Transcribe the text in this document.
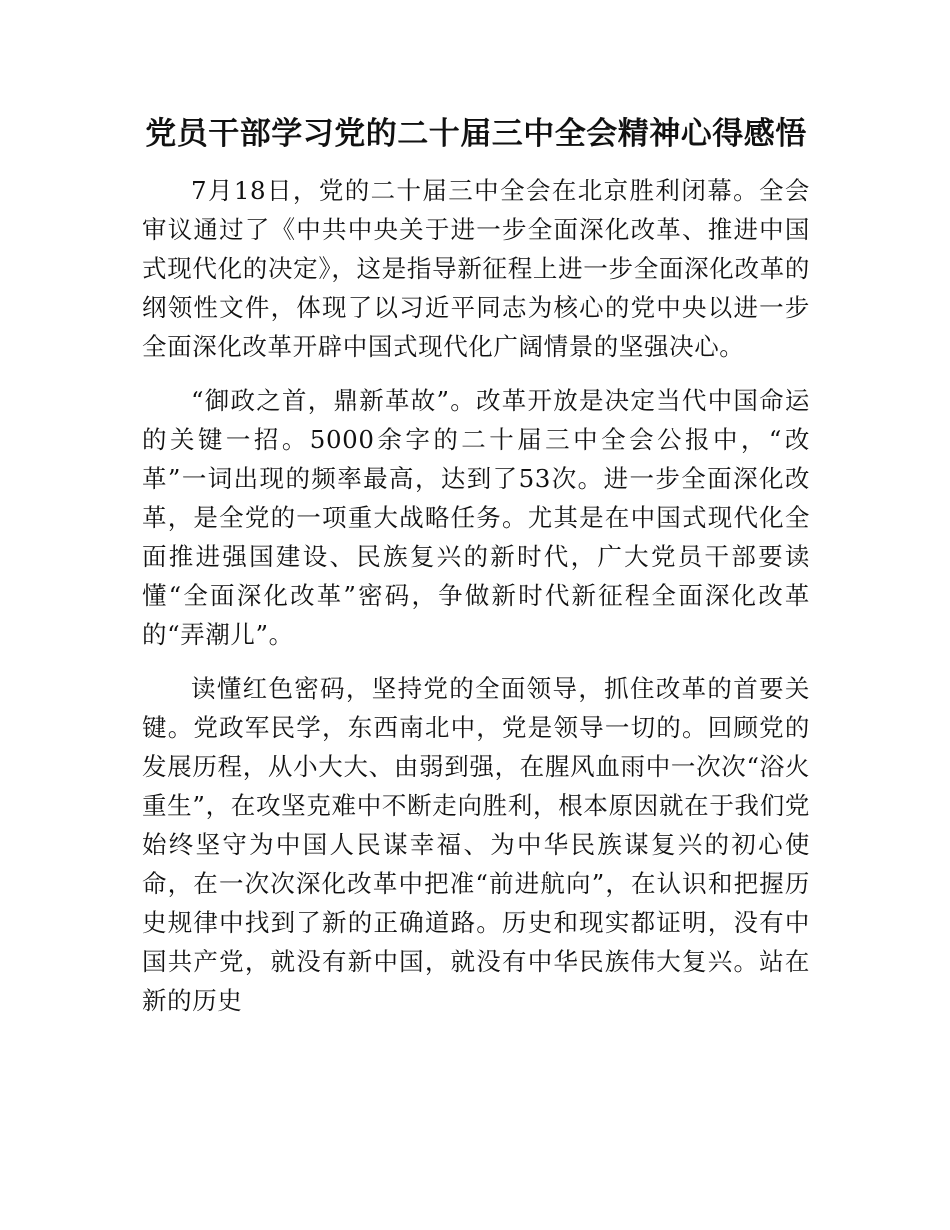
党员干部学习党的二十届三中全会精神心得感悟

7月18日，党的二十届三中全会在北京胜利闭幕。全会审议通过了《中共中央关于进一步全面深化改革、推进中国式现代化的决定》，这是指导新征程上进一步全面深化改革的纲领性文件，体现了以习近平同志为核心的党中央以进一步全面深化改革开辟中国式现代化广阔情景的坚强决心。

“御政之首，鼎新革故”。改革开放是决定当代中国命运的关键一招。5000余字的二十届三中全会公报中，“改革”一词出现的频率最高，达到了53次。进一步全面深化改革，是全党的一项重大战略任务。尤其是在中国式现代化全面推进强国建设、民族复兴的新时代，广大党员干部要读懂“全面深化改革”密码，争做新时代新征程全面深化改革的“弄潮儿”。

读懂红色密码，坚持党的全面领导，抓住改革的首要关键。党政军民学，东西南北中，党是领导一切的。回顾党的发展历程，从小大大、由弱到强，在腥风血雨中一次次“浴火重生”，在攻坚克难中不断走向胜利，根本原因就在于我们党始终坚守为中国人民谋幸福、为中华民族谋复兴的初心使命，在一次次深化改革中把准“前进航向”，在认识和把握历史规律中找到了新的正确道路。历史和现实都证明，没有中国共产党，就没有新中国，就没有中华民族伟大复兴。站在新的历史
